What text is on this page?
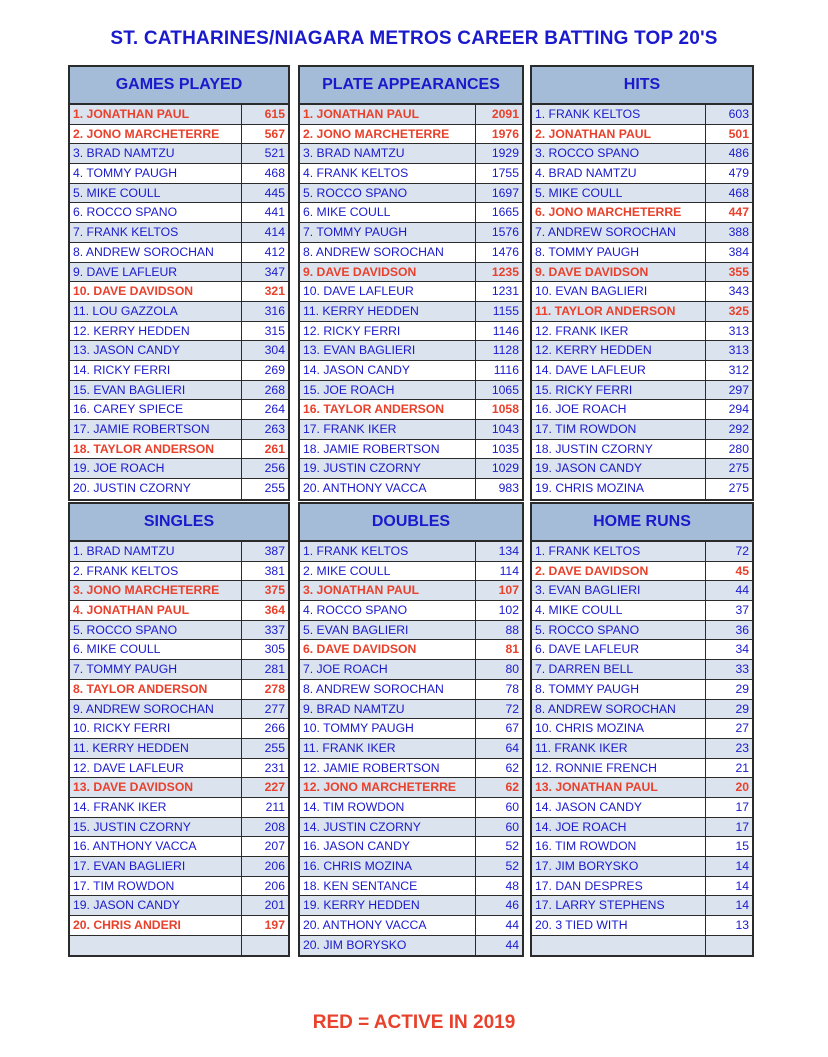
ST. CATHARINES/NIAGARA METROS CAREER BATTING TOP 20'S
GAMES PLAYED
1. JONATHAN PAUL	615
2. JONO MARCHETERRE	567
3. BRAD NAMTZU	521
4. TOMMY PAUGH	468
5. MIKE COULL	445
6. ROCCO SPANO	441
7. FRANK KELTOS	414
8. ANDREW SOROCHAN	412
9. DAVE LAFLEUR	347
10. DAVE DAVIDSON	321
11. LOU GAZZOLA	316
12. KERRY HEDDEN	315
13. JASON CANDY	304
14. RICKY FERRI	269
15. EVAN BAGLIERI	268
16. CAREY SPIECE	264
17. JAMIE ROBERTSON	263
18. TAYLOR ANDERSON	261
19. JOE ROACH	256
20. JUSTIN CZORNY	255
PLATE APPEARANCES
1. JONATHAN PAUL	2091
2. JONO MARCHETERRE	1976
3. BRAD NAMTZU	1929
4. FRANK KELTOS	1755
5. ROCCO SPANO	1697
6. MIKE COULL	1665
7. TOMMY PAUGH	1576
8. ANDREW SOROCHAN	1476
9. DAVE DAVIDSON	1235
10. DAVE LAFLEUR	1231
11. KERRY HEDDEN	1155
12. RICKY FERRI	1146
13. EVAN BAGLIERI	1128
14. JASON CANDY	1116
15. JOE ROACH	1065
16. TAYLOR ANDERSON	1058
17. FRANK IKER	1043
18. JAMIE ROBERTSON	1035
19. JUSTIN CZORNY	1029
20. ANTHONY VACCA	983
HITS
1. FRANK KELTOS	603
2. JONATHAN PAUL	501
3. ROCCO SPANO	486
4. BRAD NAMTZU	479
5. MIKE COULL	468
6. JONO MARCHETERRE	447
7. ANDREW SOROCHAN	388
8. TOMMY PAUGH	384
9. DAVE DAVIDSON	355
10. EVAN BAGLIERI	343
11. TAYLOR ANDERSON	325
12. FRANK IKER	313
12. KERRY HEDDEN	313
14. DAVE LAFLEUR	312
15. RICKY FERRI	297
16. JOE ROACH	294
17. TIM ROWDON	292
18. JUSTIN CZORNY	280
19. JASON CANDY	275
19. CHRIS MOZINA	275
SINGLES
1. BRAD NAMTZU	387
2. FRANK KELTOS	381
3. JONO MARCHETERRE	375
4. JONATHAN PAUL	364
5. ROCCO SPANO	337
6. MIKE COULL	305
7. TOMMY PAUGH	281
8. TAYLOR ANDERSON	278
9. ANDREW SOROCHAN	277
10. RICKY FERRI	266
11. KERRY HEDDEN	255
12. DAVE LAFLEUR	231
13. DAVE DAVIDSON	227
14. FRANK IKER	211
15. JUSTIN CZORNY	208
16. ANTHONY VACCA	207
17. EVAN BAGLIERI	206
17. TIM ROWDON	206
19. JASON CANDY	201
20. CHRIS ANDERI	197
DOUBLES
1. FRANK KELTOS	134
2. MIKE COULL	114
3. JONATHAN PAUL	107
4. ROCCO SPANO	102
5. EVAN BAGLIERI	88
6. DAVE DAVIDSON	81
7. JOE ROACH	80
8. ANDREW SOROCHAN	78
9. BRAD NAMTZU	72
10. TOMMY PAUGH	67
11. FRANK IKER	64
12. JAMIE ROBERTSON	62
12. JONO MARCHETERRE	62
14. TIM ROWDON	60
14. JUSTIN CZORNY	60
16. JASON CANDY	52
16. CHRIS MOZINA	52
18. KEN SENTANCE	48
19. KERRY HEDDEN	46
20. ANTHONY VACCA	44
20. JIM BORYSKO	44
HOME RUNS
1. FRANK KELTOS	72
2. DAVE DAVIDSON	45
3. EVAN BAGLIERI	44
4. MIKE COULL	37
5. ROCCO SPANO	36
6. DAVE LAFLEUR	34
7. DARREN BELL	33
8. TOMMY PAUGH	29
8. ANDREW SOROCHAN	29
10. CHRIS MOZINA	27
11. FRANK IKER	23
12. RONNIE FRENCH	21
13. JONATHAN PAUL	20
14. JASON CANDY	17
14. JOE ROACH	17
16. TIM ROWDON	15
17. JIM BORYSKO	14
17. DAN DESPRES	14
17. LARRY STEPHENS	14
20. 3 TIED WITH	13
RED = ACTIVE IN 2019
